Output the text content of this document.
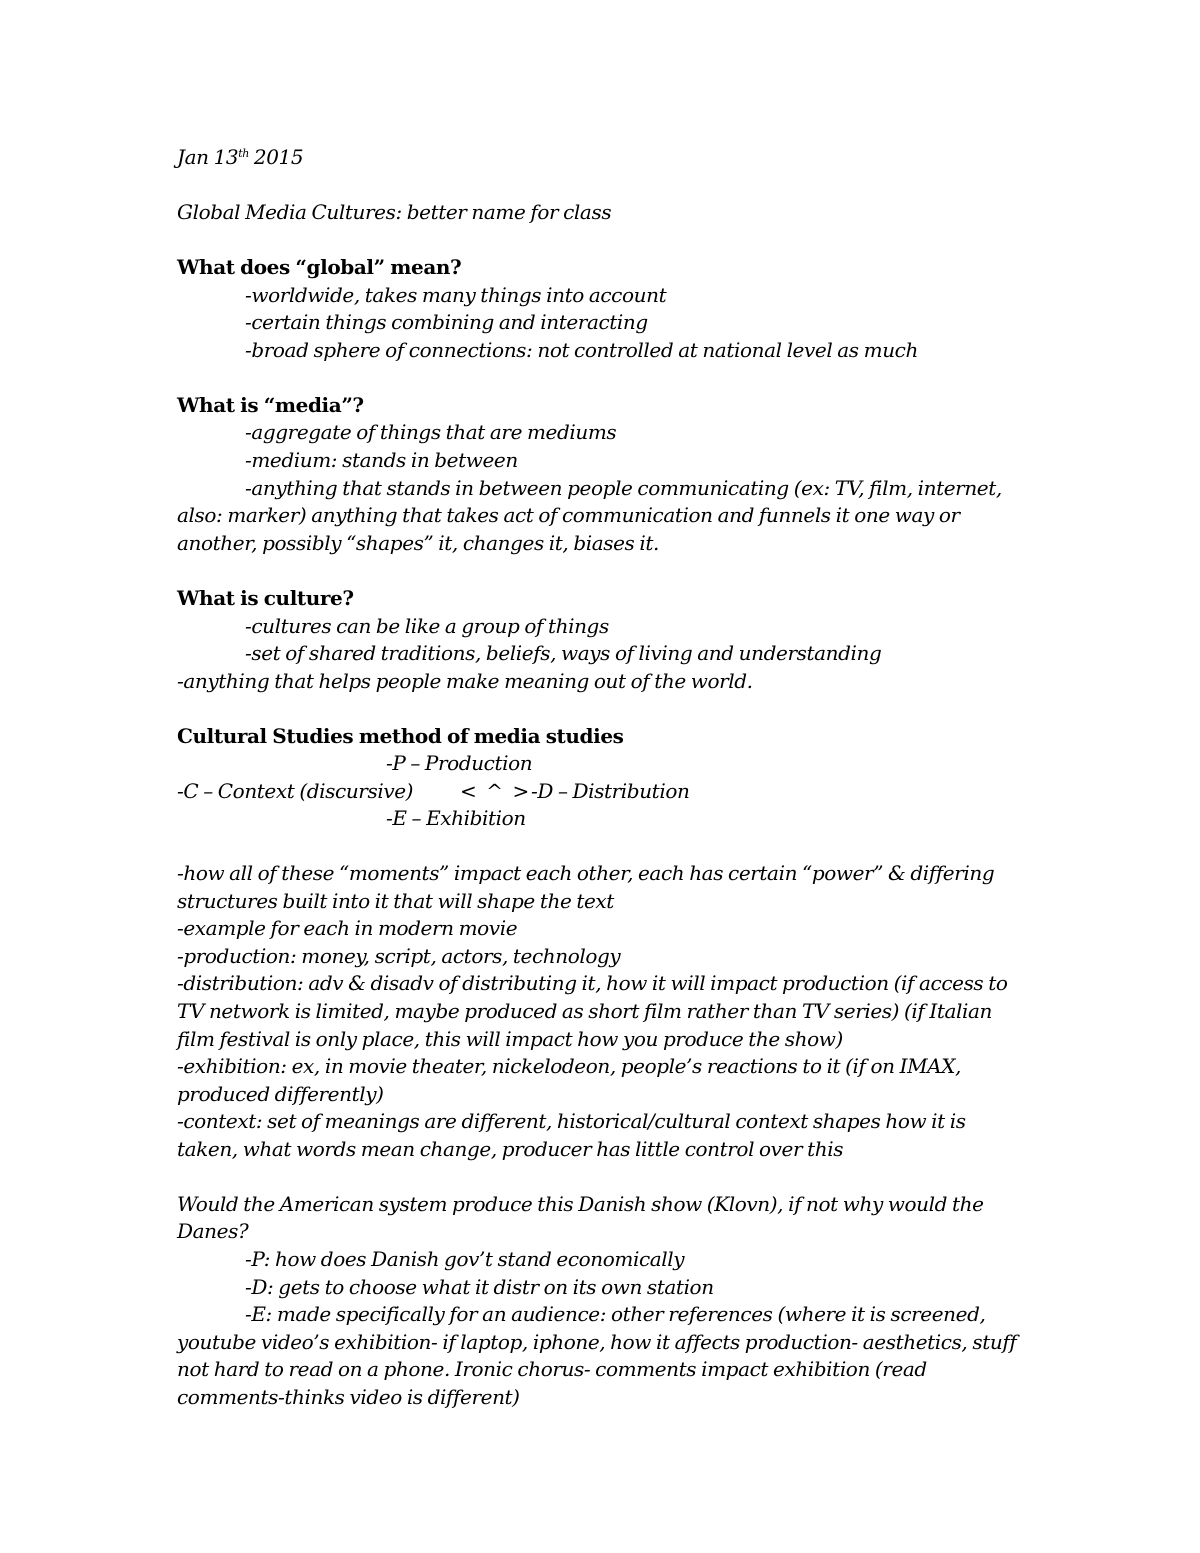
Jan 13th 2015
Global Media Cultures: better name for class
What does “global” mean?
-worldwide, takes many things into account
-certain things combining and interacting
-broad sphere of connections: not controlled at national level as much
What is “media”?
-aggregate of things that are mediums
-medium: stands in between
-anything that stands in between people communicating (ex: TV, film, internet,
also: marker) anything that takes act of communication and funnels it one way or
another, possibly “shapes” it, changes it, biases it.
What is culture?
-cultures can be like a group of things
-set of shared traditions, beliefs, ways of living and understanding
-anything that helps people make meaning out of the world.
Cultural Studies method of media studies
-P – Production
-C – Context (discursive) <  ^  > -D – Distribution
-E – Exhibition
-how all of these “moments” impact each other, each has certain “power” & differing
structures built into it that will shape the text
-example for each in modern movie
-production: money, script, actors, technology
-distribution: adv & disadv of distributing it, how it will impact production (if access to
TV network is limited, maybe produced as short film rather than TV series) (if Italian
film festival is only place, this will impact how you produce the show)
-exhibition: ex, in movie theater, nickelodeon, people’s reactions to it (if on IMAX,
produced differently)
-context: set of meanings are different, historical/cultural context shapes how it is
taken, what words mean change, producer has little control over this
Would the American system produce this Danish show (Klovn), if not why would the
Danes?
-P: how does Danish gov’t stand economically
-D: gets to choose what it distr on its own station
-E: made specifically for an audience: other references (where it is screened,
youtube video’s exhibition- if laptop, iphone, how it affects production- aesthetics, stuff
not hard to read on a phone. Ironic chorus- comments impact exhibition (read
comments-thinks video is different)
